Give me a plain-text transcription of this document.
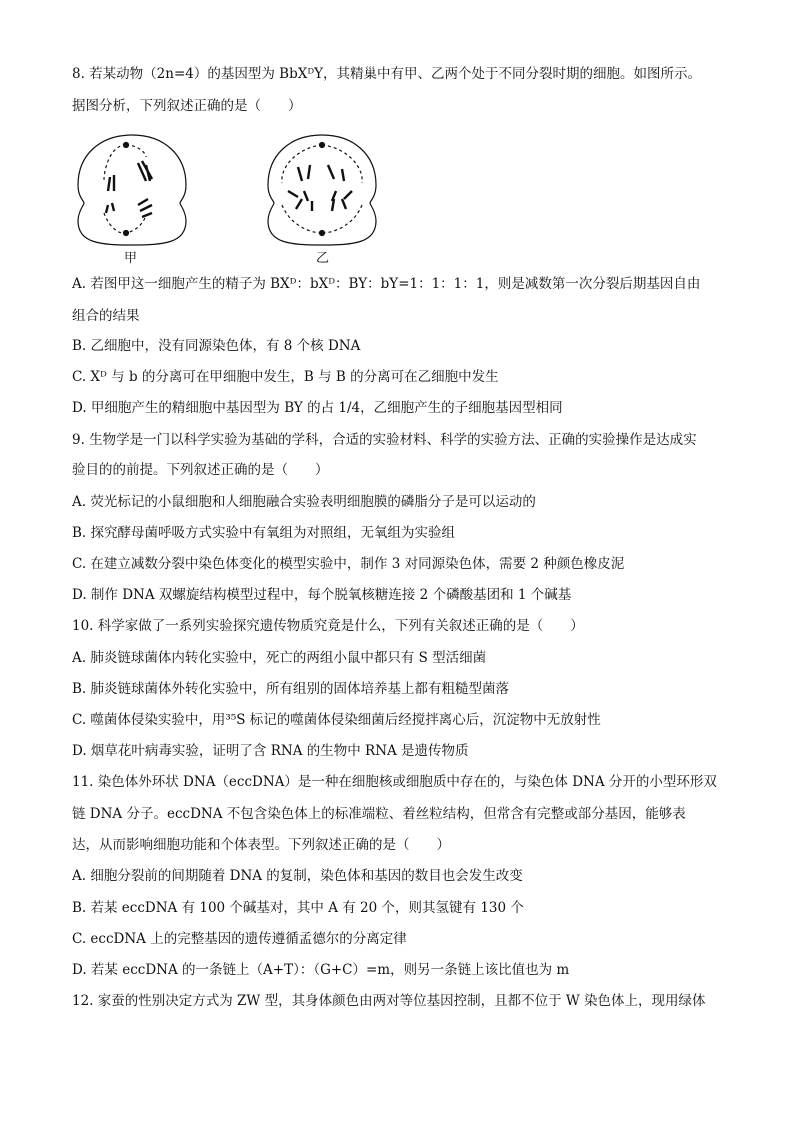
8. 若某动物（2n=4）的基因型为 BbXᴰY，其精巢中有甲、乙两个处于不同分裂时期的细胞。如图所示。
据图分析，下列叙述正确的是（　　）
甲	乙
A. 若图甲这一细胞产生的精子为 BXᴰ：bXᴰ：BY：bY=1：1：1：1，则是减数第一次分裂后期基因自由
组合的结果
B. 乙细胞中，没有同源染色体，有 8 个核 DNA
C. Xᴰ 与 b 的分离可在甲细胞中发生，B 与 B 的分离可在乙细胞中发生
D. 甲细胞产生的精细胞中基因型为 BY 的占 1/4，乙细胞产生的子细胞基因型相同
9. 生物学是一门以科学实验为基础的学科，合适的实验材料、科学的实验方法、正确的实验操作是达成实
验目的的前提。下列叙述正确的是（　　）
A. 荧光标记的小鼠细胞和人细胞融合实验表明细胞膜的磷脂分子是可以运动的
B. 探究酵母菌呼吸方式实验中有氧组为对照组，无氧组为实验组
C. 在建立减数分裂中染色体变化的模型实验中，制作 3 对同源染色体，需要 2 种颜色橡皮泥
D. 制作 DNA 双螺旋结构模型过程中，每个脱氧核糖连接 2 个磷酸基团和 1 个碱基
10. 科学家做了一系列实验探究遗传物质究竟是什么，下列有关叙述正确的是（　　）
A. 肺炎链球菌体内转化实验中，死亡的两组小鼠中都只有 S 型活细菌
B. 肺炎链球菌体外转化实验中，所有组别的固体培养基上都有粗糙型菌落
C. 噬菌体侵染实验中，用³⁵S 标记的噬菌体侵染细菌后经搅拌离心后，沉淀物中无放射性
D. 烟草花叶病毒实验，证明了含 RNA 的生物中 RNA 是遗传物质
11. 染色体外环状 DNA（eccDNA）是一种在细胞核或细胞质中存在的，与染色体 DNA 分开的小型环形双
链 DNA 分子。eccDNA 不包含染色体上的标准端粒、着丝粒结构，但常含有完整或部分基因，能够表
达，从而影响细胞功能和个体表型。下列叙述正确的是（　　）
A. 细胞分裂前的间期随着 DNA 的复制，染色体和基因的数目也会发生改变
B. 若某 eccDNA 有 100 个碱基对，其中 A 有 20 个，则其氢键有 130 个
C. eccDNA 上的完整基因的遗传遵循孟德尔的分离定律
D. 若某 eccDNA 的一条链上（A+T）：（G+C）=m，则另一条链上该比值也为 m
12. 家蚕的性别决定方式为 ZW 型，其身体颜色由两对等位基因控制，且都不位于 W 染色体上，现用绿体
